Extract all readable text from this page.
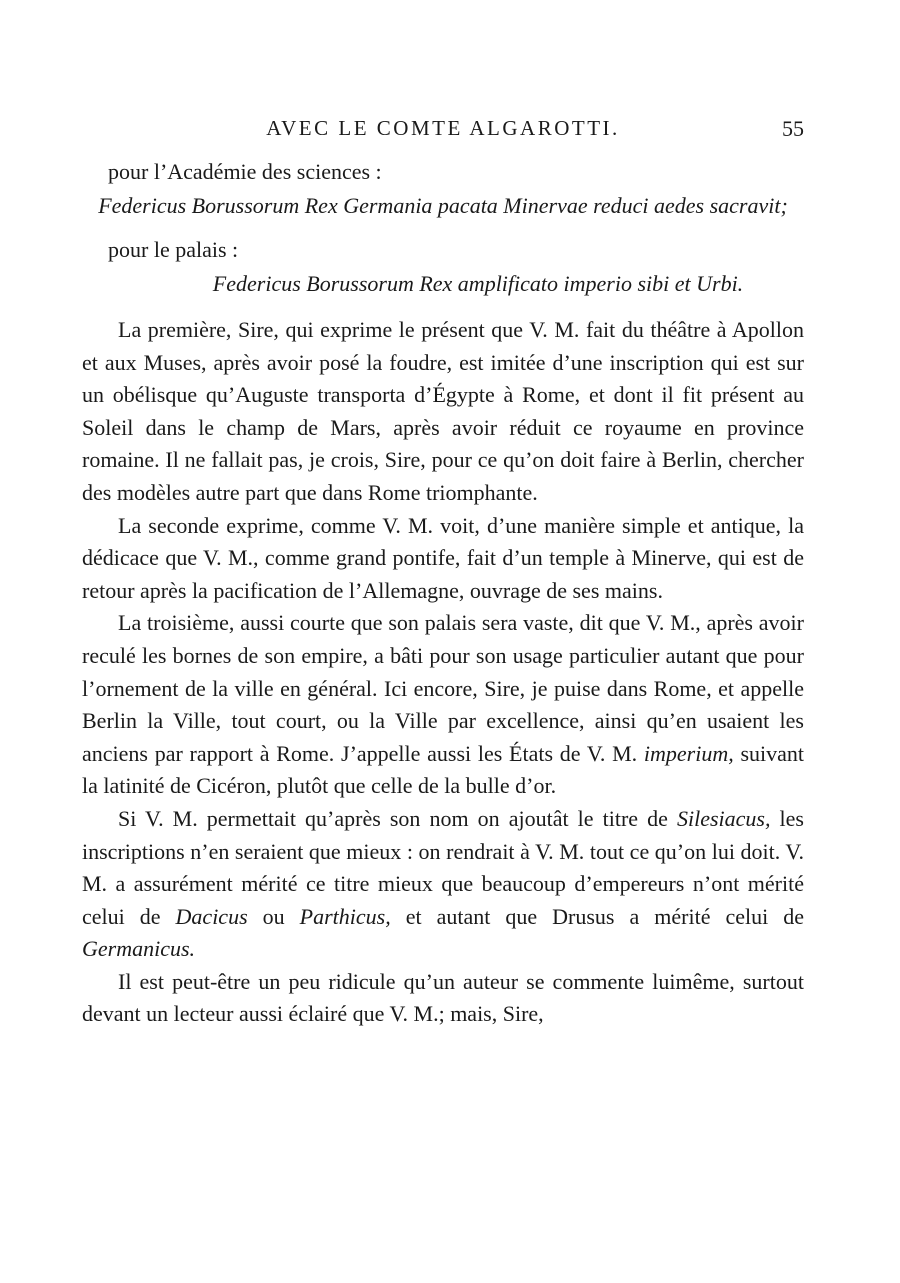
AVEC LE COMTE ALGAROTTI.	55
pour l’Académie des sciences :
Federicus Borussorum Rex Germania pacata Minervae reduci aedes sacravit;
pour le palais :
Federicus Borussorum Rex amplificato imperio sibi et Urbi.

La première, Sire, qui exprime le présent que V. M. fait du théâtre à Apollon et aux Muses, après avoir posé la foudre, est imitée d’une inscription qui est sur un obélisque qu’Auguste transporta d’Égypte à Rome, et dont il fit présent au Soleil dans le champ de Mars, après avoir réduit ce royaume en province romaine. Il ne fallait pas, je crois, Sire, pour ce qu’on doit faire à Berlin, chercher des modèles autre part que dans Rome triomphante.

La seconde exprime, comme V. M. voit, d’une manière simple et antique, la dédicace que V. M., comme grand pontife, fait d’un temple à Minerve, qui est de retour après la pacification de l’Allemagne, ouvrage de ses mains.

La troisième, aussi courte que son palais sera vaste, dit que V. M., après avoir reculé les bornes de son empire, a bâti pour son usage particulier autant que pour l’ornement de la ville en général. Ici encore, Sire, je puise dans Rome, et appelle Berlin la Ville, tout court, ou la Ville par excellence, ainsi qu’en usaient les anciens par rapport à Rome. J’appelle aussi les États de V. M. imperium, suivant la latinité de Cicéron, plutôt que celle de la bulle d’or.

Si V. M. permettait qu’après son nom on ajoutât le titre de Silesiacus, les inscriptions n’en seraient que mieux : on rendrait à V. M. tout ce qu’on lui doit. V. M. a assurément mérité ce titre mieux que beaucoup d’empereurs n’ont mérité celui de Dacicus ou Parthicus, et autant que Drusus a mérité celui de Germanicus.

Il est peut-être un peu ridicule qu’un auteur se commente luimême, surtout devant un lecteur aussi éclairé que V. M.; mais, Sire,
